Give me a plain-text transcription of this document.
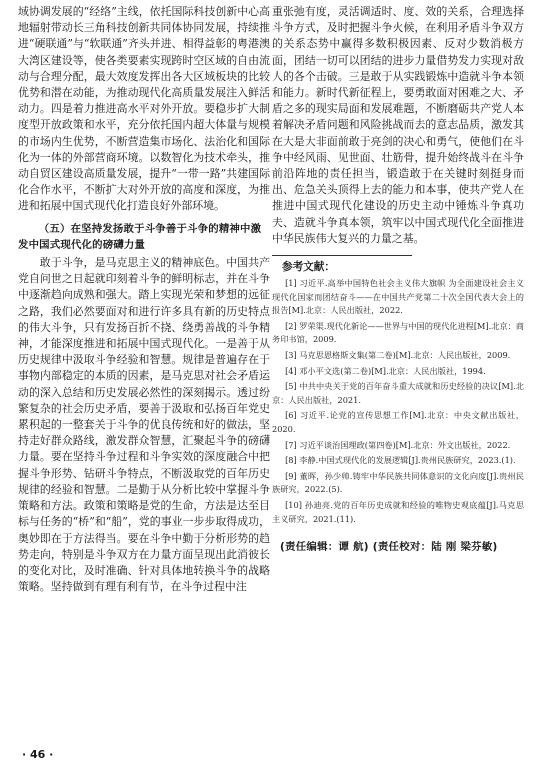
域协调发展的“经络”主线，依托国际科技创新中心高地辐射带动长三角科技创新共同体协同发展，持续推进“硬联通”与“软联通”齐头并进、相得益彰的粤港澳大湾区建设等，使各类要素实现跨时空区域的自由流动与合理分配，最大效度发挥出各大区域板块的比较优势和潜在动能，为推动现代化高质量发展注入鲜活动力。四是着力推进高水平对外开放。要稳步扩大制度型开放政策和水平，充分依托国内超大体量与规模的市场内生优势，不断营造集市场化、法治化和国际化为一体的外部营商环境。以数智化为技术牵头，推动自贸区建设高质量发展，提升“一带一路”共建国际化合作水平，不断扩大对外开放的高度和深度，为推进和拓展中国式现代化打造良好外部环境。

（五）在坚持发扬敢于斗争善于斗争的精神中激发中国式现代化的磅礴力量

敢于斗争，是马克思主义的精神底色。中国共产党自问世之日起就印刻着斗争的鲜明标志，并在斗争中逐渐趋向成熟和强大。踏上实现光荣和梦想的远征之路，我们必然要面对和进行许多具有新的历史特点的伟大斗争，只有发扬百折不挠、绕勇善战的斗争精神，才能深度推进和拓展中国式现代化。一是善于从历史规律中汲取斗争经验和智慧。规律是普遍存在于事物内部稳定的本质的因素，是马克思对社会矛盾运动的深入总结和历史发展必然性的深刻揭示。透过纷繁复杂的社会历史矛盾，要善于汲取和弘扬百年党史累积起的一整套关于斗争的优良传统和好的做法，坚持走好群众路线，激发群众智慧，汇聚起斗争的磅礴力量。要在坚持斗争过程和斗争实效的深度融合中把握斗争形势、钻研斗争特点，不断汲取党的百年历史规律的经验和智慧。二是勤于从分析比较中掌握斗争策略和方法。政策和策略是党的生命，方法是达至目标与任务的“桥”和“船”，党的事业一步步取得成功，奥妙即在于方法得当。要在斗争中勤于分析形势的趋势走向，特别是斗争双方在力量方面呈现出此消彼长的变化对比，及时准确、针对具体地转换斗争的战略策略。坚持做到有理有利有节，在斗争过程中注

重张弛有度，灵活调适时、度、效的关系，合理选择斗争方式，及时把握斗争火候，在利用矛盾斗争双方的关系态势中赢得多数积极因素、反对少数消极方面，团结一切可以团结的进步力量借势发力实现对敌人的各个击破。三是敢于从实践锻炼中造就斗争本领和能力。新时代新征程上，要勇敢面对困难之大、矛盾之多的现实局面和发展难题，不断磨砺共产党人本着解决矛盾问题和风险挑战而去的意志品质，激发其在大是大非面前敢于亮剑的决心和勇气，使他们在斗争中经风雨、见世面、壮筋骨，提升始终战斗在斗争前沿阵地的责任担当，锻造敢于在关键时刻挺身而出、危急关头顶得上去的能力和本事，使共产党人在推进中国式现代化建设的历史主动中锤炼斗争真功夫、造就斗争真本领，筑牢以中国式现代化全面推进中华民族伟大复兴的力量之基。

参考文献：
[1] 习近平.高举中国特色社会主义伟大旗帜 为全面建设社会主义现代化国家而团结奋斗——在中国共产党第二十次全国代表大会上的报告[M].北京：人民出版社，2022.
[2] 罗荣渠.现代化新论——世界与中国的现代化进程[M].北京：商务印书馆，2009.
[3] 马克思恩格斯文集(第二卷)[M].北京：人民出版社，2009.
[4] 邓小平文选(第二卷)[M].北京：人民出版社，1994.
[5] 中共中央关于党的百年奋斗重大成就和历史经验的决议[M].北京：人民出版社，2021.
[6] 习近平.论党的宣传思想工作[M].北京：中央文献出版社，2020.
[7] 习近平谈治国理政(第四卷)[M].北京：外文出版社，2022.
[8] 李静.中国式现代化的发展逻辑[J].贵州民族研究，2023.(1).
[9] 董晖，孙少帅.铸牢中华民族共同体意识的文化向度[J].贵州民族研究，2022.(5).
[10] 孙迪亮.党的百年历史成就和经验的唯物史观底蕴[J].马克思主义研究，2021.(11).
(责任编辑：谭 航) (责任校对：陆 刚 梁芬敏)
· 46 ·
